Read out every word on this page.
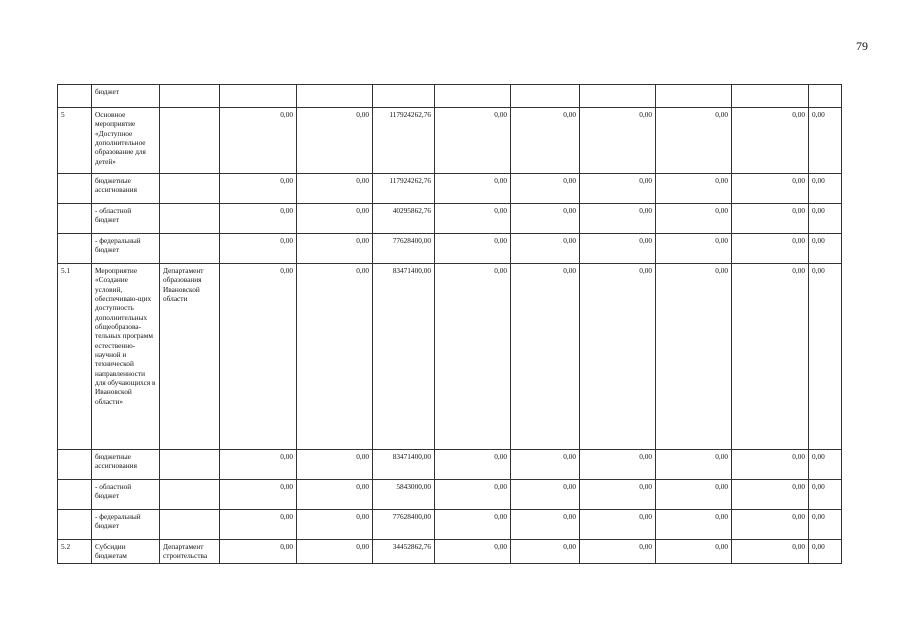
79
	бюджет										
5	Основное мероприятие «Доступное дополнительное образование для детей»		0,00	0,00	117924262,76	0,00	0,00	0,00	0,00	0,00	0,00
	бюджетные ассигнования		0,00	0,00	117924262,76	0,00	0,00	0,00	0,00	0,00	0,00
	- областной бюджет		0,00	0,00	40295862,76	0,00	0,00	0,00	0,00	0,00	0,00
	- федеральный бюджет		0,00	0,00	77628400,00	0,00	0,00	0,00	0,00	0,00	0,00
5.1	Мероприятие «Создание условий, обеспечиваю-щих доступность дополнительных общеобразова-тельных программ естественно-научной и технической направленности для обучающихся в Ивановской области»	Департамент образования Ивановской области	0,00	0,00	83471400,00	0,00	0,00	0,00	0,00	0,00	0,00
	бюджетные ассигнования		0,00	0,00	83471400,00	0,00	0,00	0,00	0,00	0,00	0,00
	- областной бюджет		0,00	0,00	5843000,00	0,00	0,00	0,00	0,00	0,00	0,00
	- федеральный бюджет		0,00	0,00	77628400,00	0,00	0,00	0,00	0,00	0,00	0,00
5.2	Субсидии бюджетам	Департамент строительства	0,00	0,00	34452862,76	0,00	0,00	0,00	0,00	0,00	0,00
